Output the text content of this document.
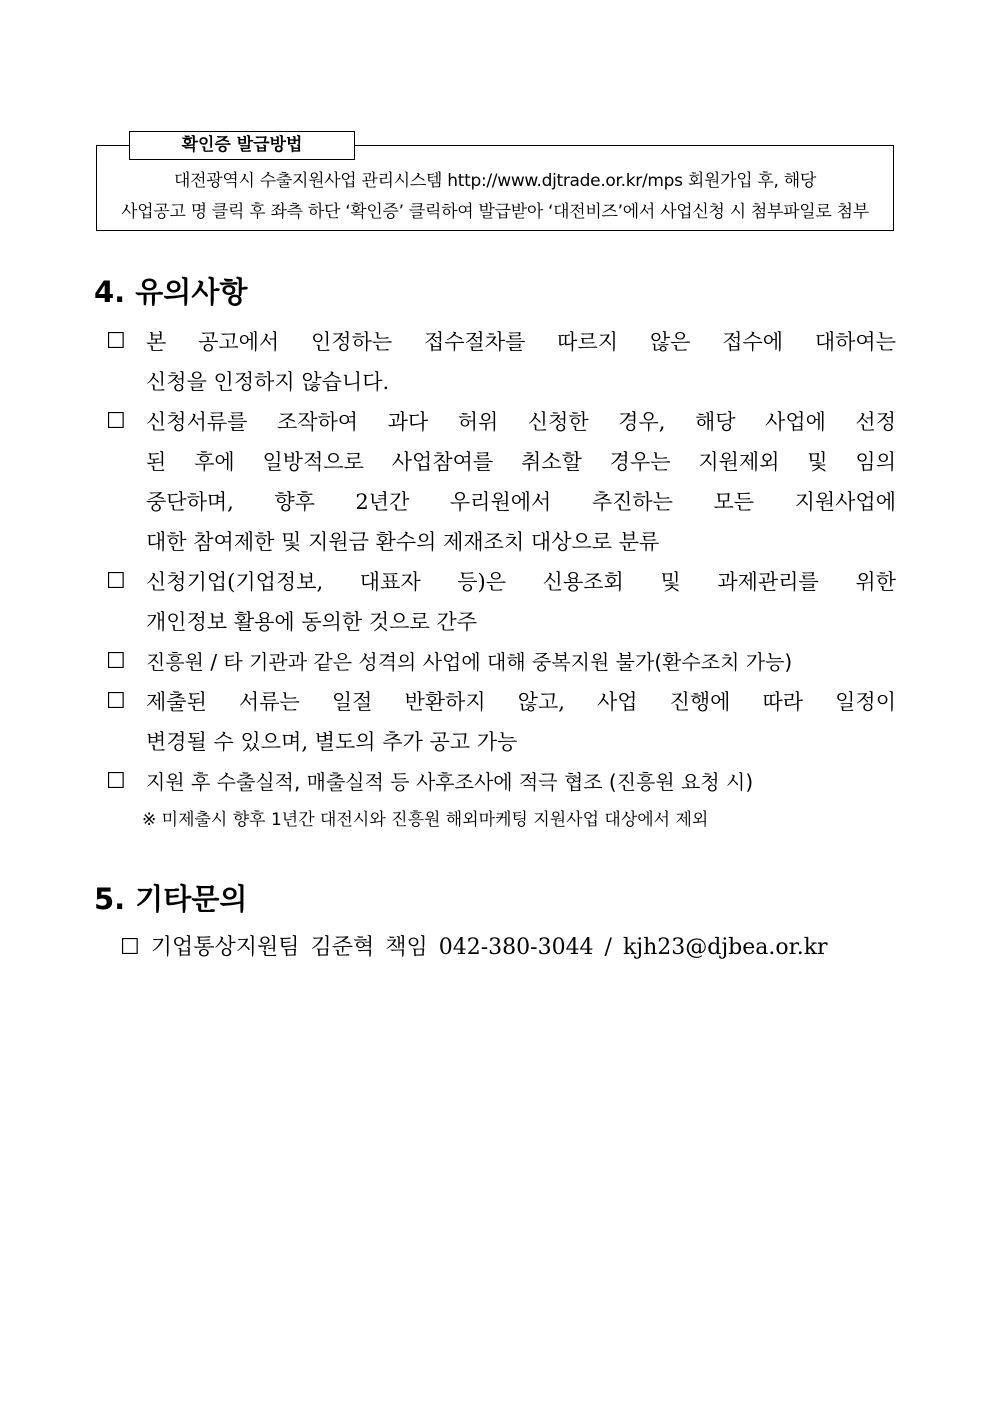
대전광역시 수출지원사업 관리시스템 http://www.djtrade.or.kr/mps 회원가입 후, 해당
사업공고 명 클릭 후 좌측 하단 ‘확인증’ 클릭하여 발급받아 ‘대전비즈’에서 사업신청 시 첨부파일로 첨부
확인증 발급방법
4. 유의사항
☐ 본 공고에서 인정하는 접수절차를 따르지 않은 접수에 대하여는
신청을 인정하지 않습니다.
☐ 신청서류를 조작하여 과다 허위 신청한 경우, 해당 사업에 선정
된 후에 일방적으로 사업참여를 취소할 경우는 지원제외 및 임의
중단하며, 향후 2년간 우리원에서 추진하는 모든 지원사업에
대한 참여제한 및 지원금 환수의 제재조치 대상으로 분류
☐ 신청기업(기업정보, 대표자 등)은 신용조회 및 과제관리를 위한
개인정보 활용에 동의한 것으로 간주
☐ 진흥원 / 타 기관과 같은 성격의 사업에 대해 중복지원 불가(환수조치 가능)
☐ 제출된 서류는 일절 반환하지 않고, 사업 진행에 따라 일정이
변경될 수 있으며, 별도의 추가 공고 가능
☐ 지원 후 수출실적, 매출실적 등 사후조사에 적극 협조 (진흥원 요청 시)
※ 미제출시 향후 1년간 대전시와 진흥원 해외마케팅 지원사업 대상에서 제외
5. 기타문의
☐ 기업통상지원팀 김준혁 책임 042-380-3044 / kjh23@djbea.or.kr
